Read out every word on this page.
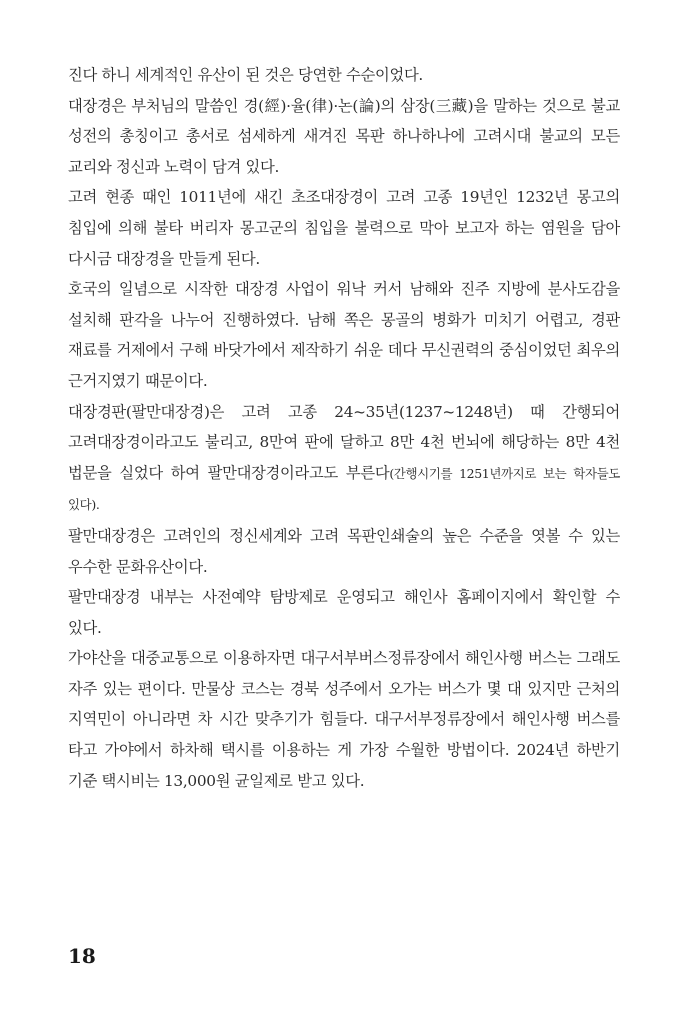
진다 하니 세계적인 유산이 된 것은 당연한 수순이었다.

대장경은 부처님의 말씀인 경(經)·율(律)·논(論)의 삼장(三藏)을 말하는 것으로 불교 성전의 총칭이고 총서로 섬세하게 새겨진 목판 하나하나에 고려시대 불교의 모든 교리와 정신과 노력이 담겨 있다.

고려 현종 때인 1011년에 새긴 초조대장경이 고려 고종 19년인 1232년 몽고의 침입에 의해 불타 버리자 몽고군의 침입을 불력으로 막아 보고자 하는 염원을 담아 다시금 대장경을 만들게 된다.

호국의 일념으로 시작한 대장경 사업이 워낙 커서 남해와 진주 지방에 분사도감을 설치해 판각을 나누어 진행하였다. 남해 쪽은 몽골의 병화가 미치기 어렵고, 경판 재료를 거제에서 구해 바닷가에서 제작하기 쉬운 데다 무신권력의 중심이었던 최우의 근거지였기 때문이다.

대장경판(팔만대장경)은 고려 고종 24~35년(1237~1248년) 때 간행되어 고려대장경이라고도 불리고, 8만여 판에 달하고 8만 4천 번뇌에 해당하는 8만 4천 법문을 실었다 하여 팔만대장경이라고도 부른다(간행시기를 1251년까지로 보는 학자들도 있다).

팔만대장경은 고려인의 정신세계와 고려 목판인쇄술의 높은 수준을 엿볼 수 있는 우수한 문화유산이다.

팔만대장경 내부는 사전예약 탐방제로 운영되고 해인사 홈페이지에서 확인할 수 있다.

가야산을 대중교통으로 이용하자면 대구서부버스정류장에서 해인사행 버스는 그래도 자주 있는 편이다. 만물상 코스는 경북 성주에서 오가는 버스가 몇 대 있지만 근처의 지역민이 아니라면 차 시간 맞추기가 힘들다. 대구서부정류장에서 해인사행 버스를 타고 가야에서 하차해 택시를 이용하는 게 가장 수월한 방법이다. 2024년 하반기 기준 택시비는 13,000원 균일제로 받고 있다.

18
